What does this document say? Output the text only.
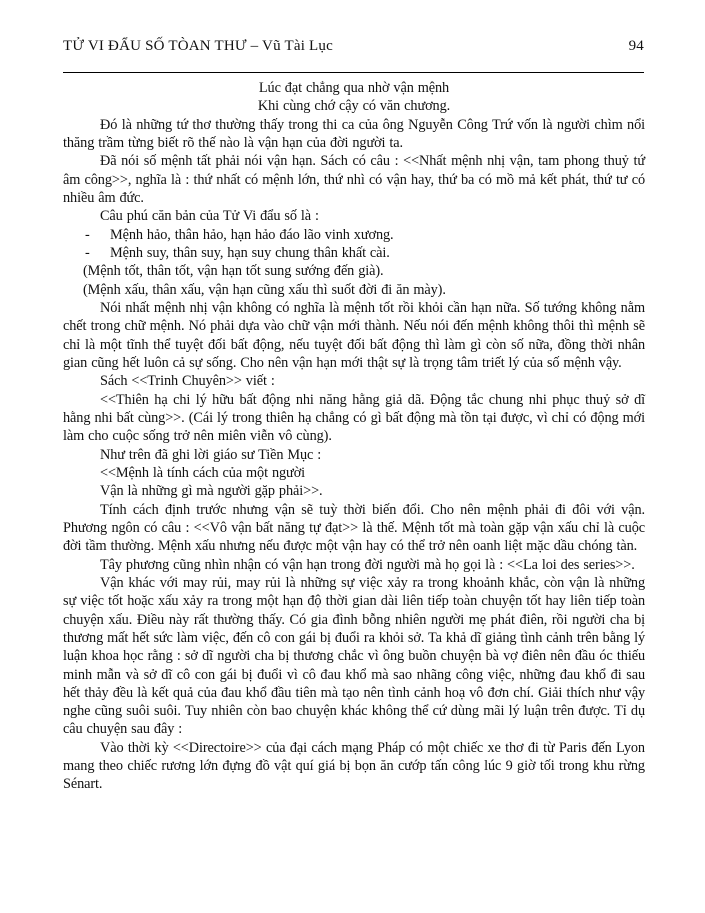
TỬ VI ĐẨU SỐ TÒAN THƯ – Vũ Tài Lục	94

Lúc đạt chẳng qua nhờ vận mệnh

Khi cùng chớ cậy có văn chương.

Đó là những tứ thơ thường thấy trong thi ca của ông Nguyễn Công Trứ vốn là người chìm nổi thăng trầm từng biết rõ thế nào là vận hạn của đời người ta.

Đã nói số mệnh tất phải nói vận hạn. Sách có câu : <<Nhất mệnh nhị vận, tam phong thuỷ tứ âm công>>, nghĩa là : thứ nhất có mệnh lớn, thứ nhì có vận hay, thứ ba có mồ mả kết phát, thứ tư có nhiều âm đức.

Câu phú căn bản của Tử Vi đẩu số là :

- Mệnh hảo, thân hảo, hạn hảo đáo lão vinh xương.

- Mệnh suy, thân suy, hạn suy chung thân khất cài.

(Mệnh tốt, thân tốt, vận hạn tốt sung sướng đến già).

(Mệnh xấu, thân xấu, vận hạn cũng xấu thì suốt đời đi ăn mày).

Nói nhất mệnh nhị vận không có nghĩa là mệnh tốt rồi khỏi cần hạn nữa. Số tướng không nằm chết trong chữ mệnh. Nó phải dựa vào chữ vận mới thành. Nếu nói đến mệnh không thôi thì mệnh sẽ chỉ là một tĩnh thể tuyệt đối bất động, nếu tuyệt đối bất động thì làm gì còn số nữa, đồng thời nhân gian cũng hết luôn cả sự sống. Cho nên vận hạn mới thật sự là trọng tâm triết lý của số mệnh vậy.

Sách <<Trinh Chuyên>> viết :

<<Thiên hạ chi lý hữu bất động nhi năng hằng giả dã. Động tắc chung nhi phục thuỷ sở dĩ hằng nhi bất cùng>>. (Cái lý trong thiên hạ chẳng có gì bất động mà tồn tại được, vì chỉ có động mới làm cho cuộc sống trở nên miên viễn vô cùng).

Như trên đã ghi lời giáo sư Tiền Mục :

<<Mệnh là tính cách của một người

Vận là những gì mà người gặp phải>>.

Tính cách định trước nhưng vận sẽ tuỳ thời biến đổi. Cho nên mệnh phải đi đôi với vận. Phương ngôn có câu : <<Vô vận bất năng tự đạt>> là thế. Mệnh tốt mà toàn gặp vận xấu chỉ là cuộc đời tầm thường. Mệnh xấu nhưng nếu được một vận hay có thể trở nên oanh liệt mặc dầu chóng tàn.

Tây phương cũng nhìn nhận có vận hạn trong đời người mà họ gọi là : <<La loi des series>>.

Vận khác với may rủi, may rủi là những sự việc xảy ra trong khoảnh khắc, còn vận là những sự việc tốt hoặc xấu xảy ra trong một hạn độ thời gian dài liên tiếp toàn chuyện tốt hay liên tiếp toàn chuyện xấu. Điều này rất thường thấy. Có gia đình bỗng nhiên người mẹ phát điên, rồi người cha bị thương mất hết sức làm việc, đến cô con gái bị đuổi ra khỏi sở. Ta khả dĩ giảng tình cảnh trên bằng lý luận khoa học rằng : sở dĩ người cha bị thương chắc vì ông buồn chuyện bà vợ điên nên đầu óc thiếu minh mẫn và sở dĩ cô con gái bị đuổi vì cô đau khổ mà sao nhãng công việc, những đau khổ đi sau hết thảy đều là kết quả của đau khổ đầu tiên mà tạo nên tình cảnh hoạ vô đơn chí. Giải thích như vậy nghe cũng suôi suôi. Tuy nhiên còn bao chuyện khác không thể cứ dùng mãi lý luận trên được. Tỉ dụ câu chuyện sau đây :

Vào thời kỳ <<Directoire>> của đại cách mạng Pháp có một chiếc xe thơ đi từ Paris đến Lyon mang theo chiếc rương lớn đựng đồ vật quí giá bị bọn ăn cướp tấn công lúc 9 giờ tối trong khu rừng Sénart.
